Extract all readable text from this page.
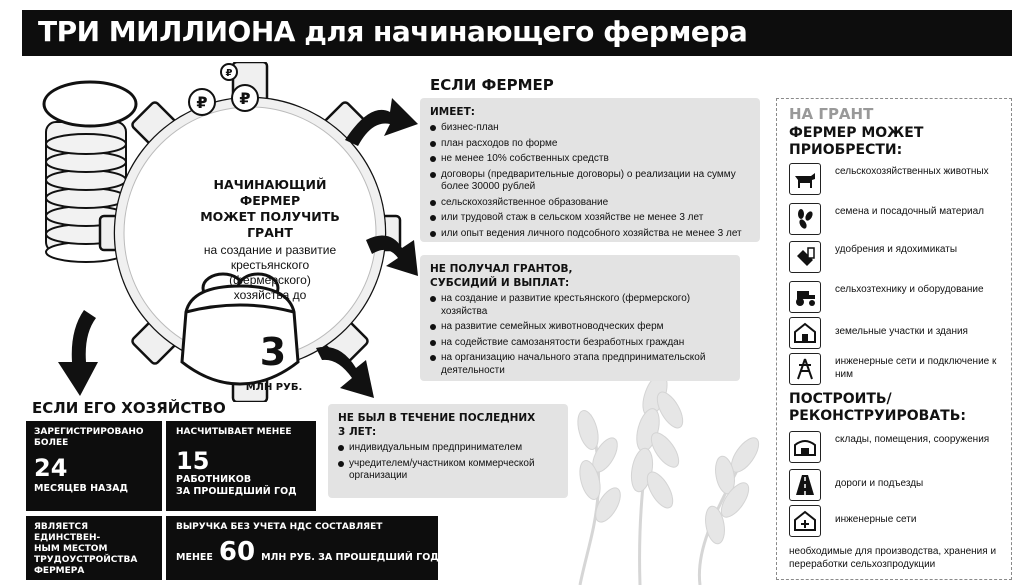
ТРИ МИЛЛИОНА для начинающего фермера
₽ ₽
₽
НАЧИНАЮЩИЙ
ФЕРМЕР
МОЖЕТ ПОЛУЧИТЬ
ГРАНТ
на создание и развитие
крестьянского (фермерского)
хозяйства до
3
МЛН РУБ.
ЕСЛИ ФЕРМЕР
ИМЕЕТ:
бизнес-план
план расходов по форме
не менее 10% собственных средств
договоры (предварительные договоры) о реализации на сумму более 30000 рублей
сельскохозяйственное образование
или трудовой стаж в сельском хозяйстве не менее 3 лет
или опыт ведения личного подсобного хозяйства не менее 3 лет
НЕ ПОЛУЧАЛ ГРАНТОВ,
СУБСИДИЙ И ВЫПЛАТ:
на создание и развитие крестьянского (фермерского) хозяйства
на развитие семейных животноводческих ферм
на содействие самозанятости безработных граждан
на организацию начального этапа предпринимательской деятельности
НЕ БЫЛ В ТЕЧЕНИЕ ПОСЛЕДНИХ
3 ЛЕТ:
индивидуальным предпринимателем
учредителем/участником коммерческой организации
ЕСЛИ ЕГО ХОЗЯЙСТВО
ЗАРЕГИСТРИРОВАНО
БОЛЕЕ
24
МЕСЯЦЕВ НАЗАД
НАСЧИТЫВАЕТ МЕНЕЕ
15
РАБОТНИКОВ
ЗА ПРОШЕДШИЙ ГОД
ЯВЛЯЕТСЯ ЕДИНСТВЕН-
НЫМ МЕСТОМ
ТРУДОУСТРОЙСТВА
ФЕРМЕРА
ВЫРУЧКА БЕЗ УЧЕТА НДС СОСТАВЛЯЕТ
МЕНЕЕ 60 МЛН РУБ. ЗА ПРОШЕДШИЙ ГОД
НА ГРАНТ
ФЕРМЕР МОЖЕТ
ПРИОБРЕСТИ:
сельскохозяйственных животных
семена и посадочный материал
удобрения и ядохимикаты
сельхозтехнику и оборудование
земельные участки и здания
инженерные сети и подключение к ним
ПОСТРОИТЬ/
РЕКОНСТРУИРОВАТЬ:
склады, помещения, сооружения
дороги и подъезды
инженерные сети
необходимые для производства, хранения и переработки сельхозпродукции
